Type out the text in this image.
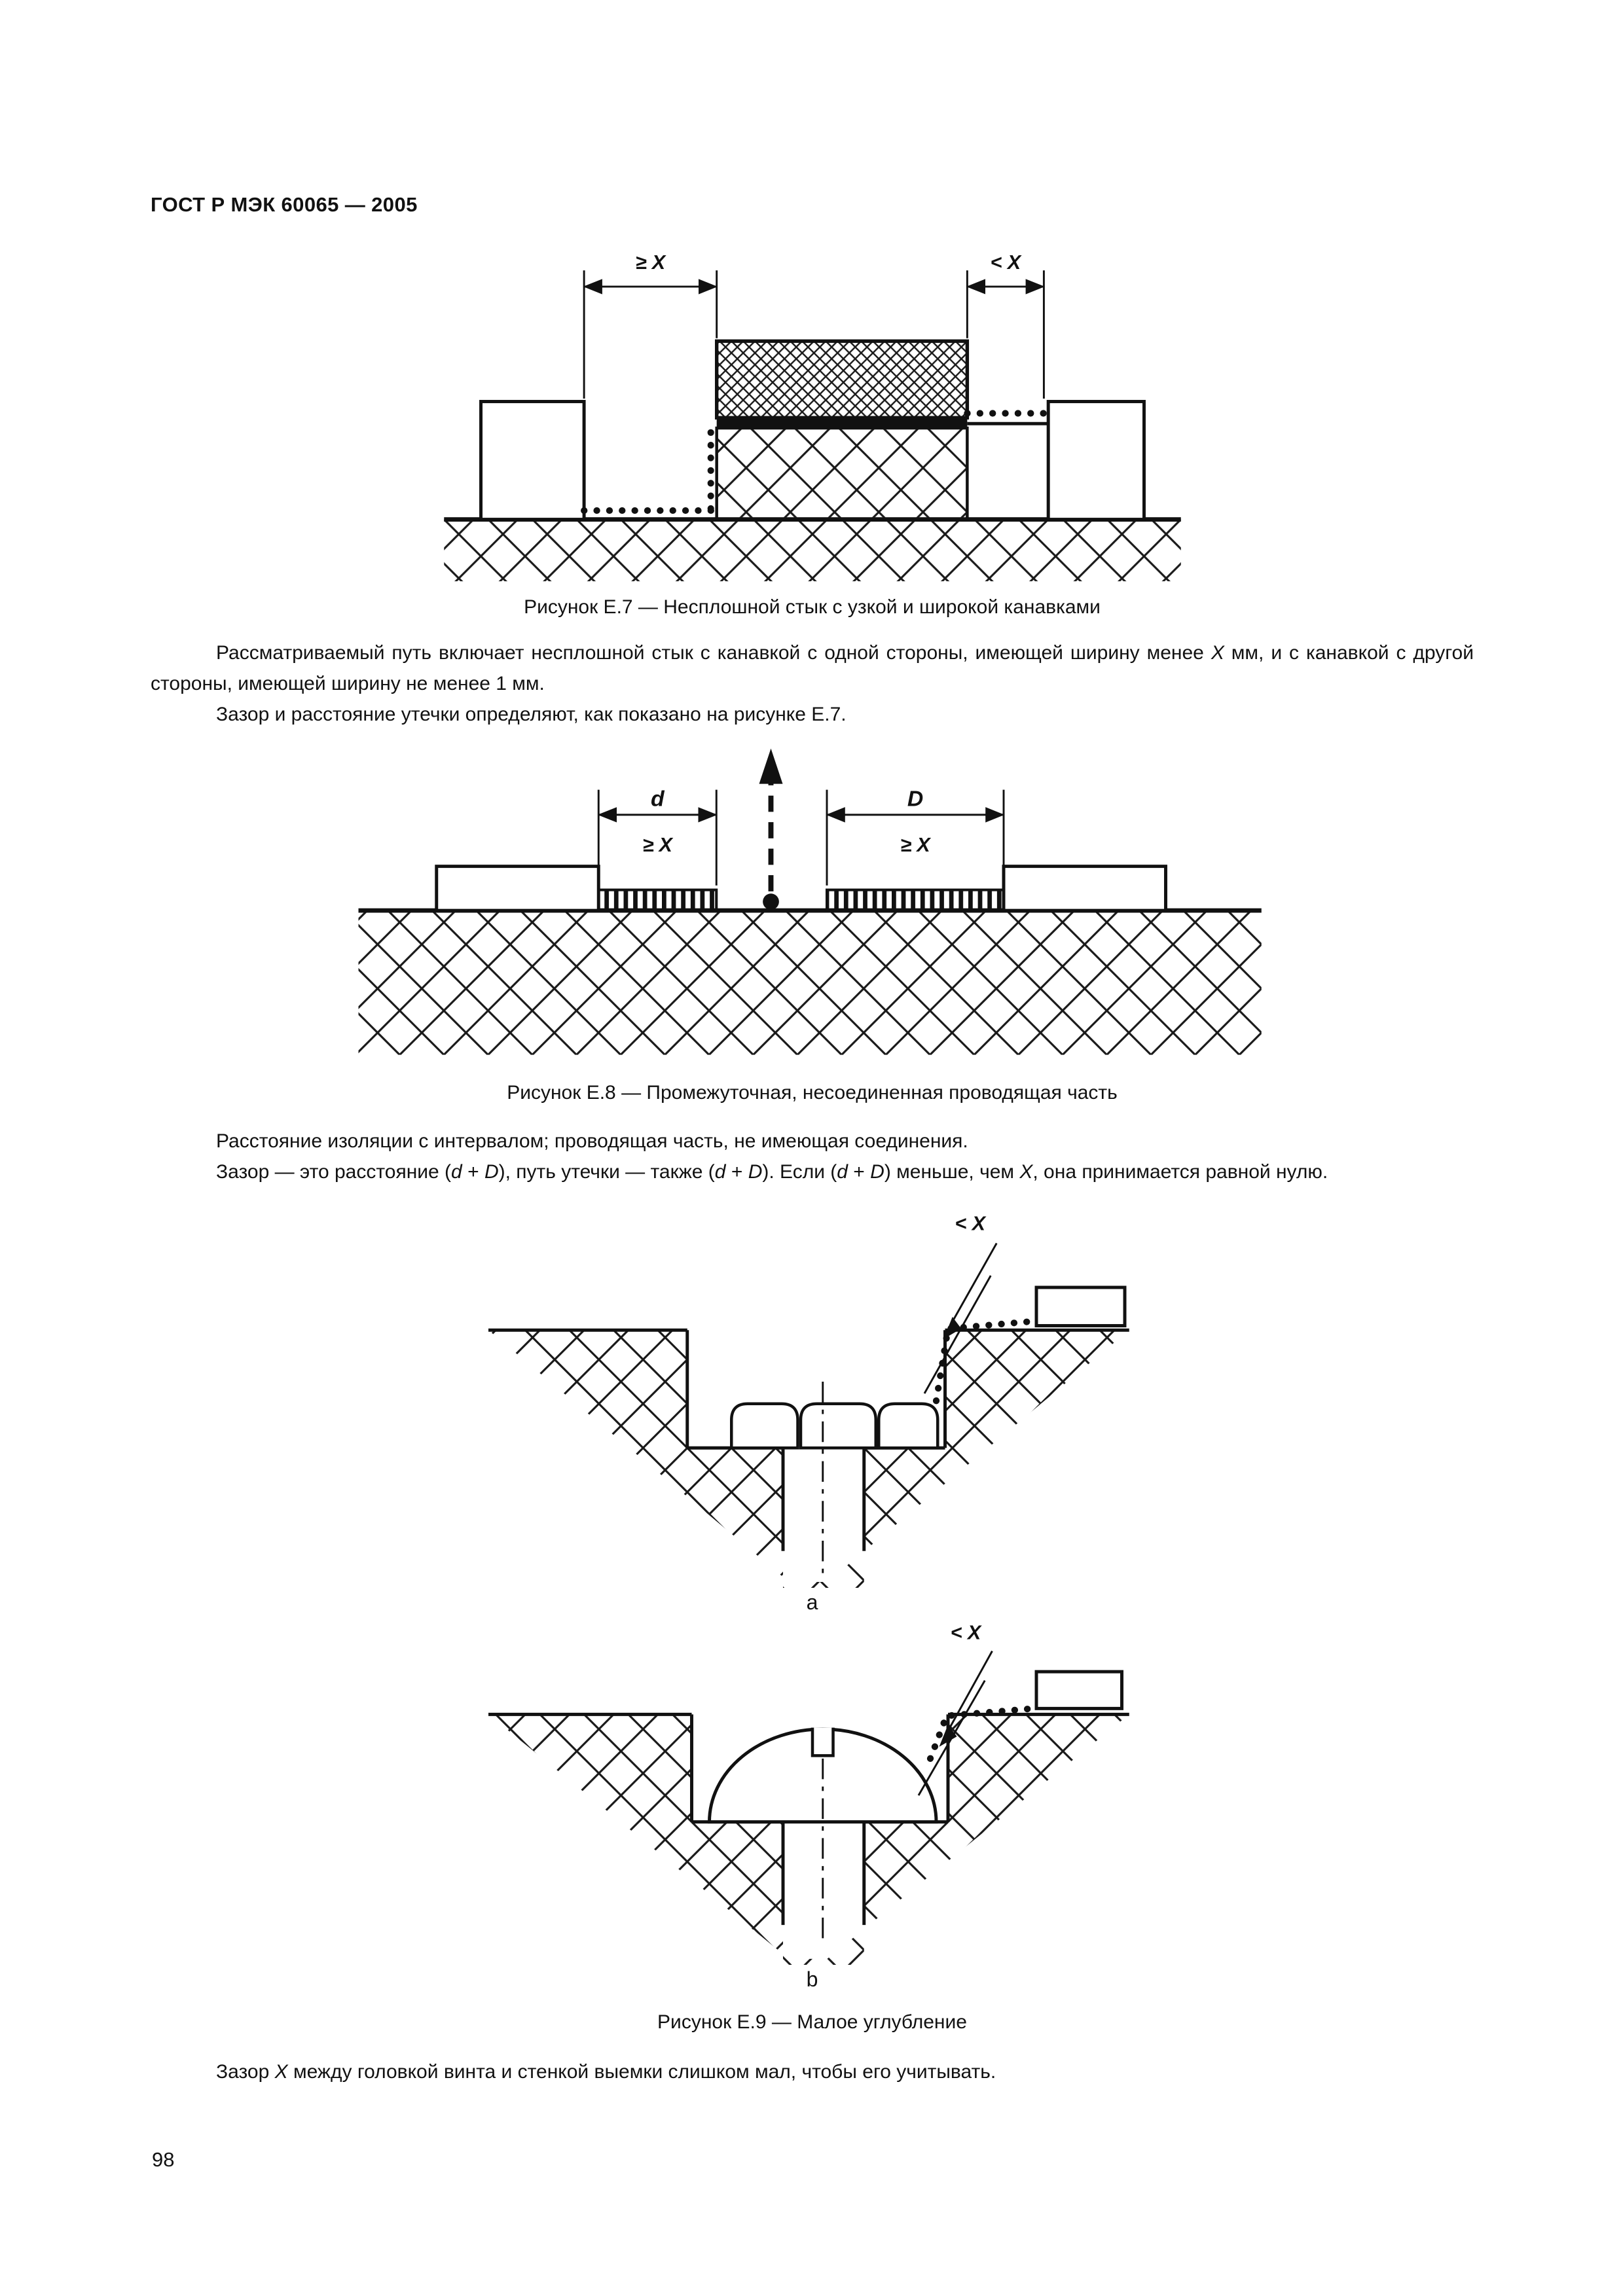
ГОСТ Р МЭК 60065 — 2005
≥ X	< X
Рисунок Е.7 — Несплошной стык с узкой и широкой канавками

Рассматриваемый путь включает несплошной стык с канавкой с одной стороны, имеющей ширину менее X мм, и с канавкой с другой стороны, имеющей ширину не менее 1 мм.

Зазор и расстояние утечки определяют, как показано на рисунке Е.7.

d
≥ X
D
≥ X
Рисунок Е.8 — Промежуточная, несоединенная проводящая часть

Расстояние изоляции с интервалом; проводящая часть, не имеющая соединения.

Зазор — это расстояние (d + D), путь утечки — также (d + D). Если (d + D) меньше, чем X, она принимается равной нулю.

< X
a
< X
b
Рисунок Е.9 — Малое углубление

Зазор X между головкой винта и стенкой выемки слишком мал, чтобы его учитывать.

98
